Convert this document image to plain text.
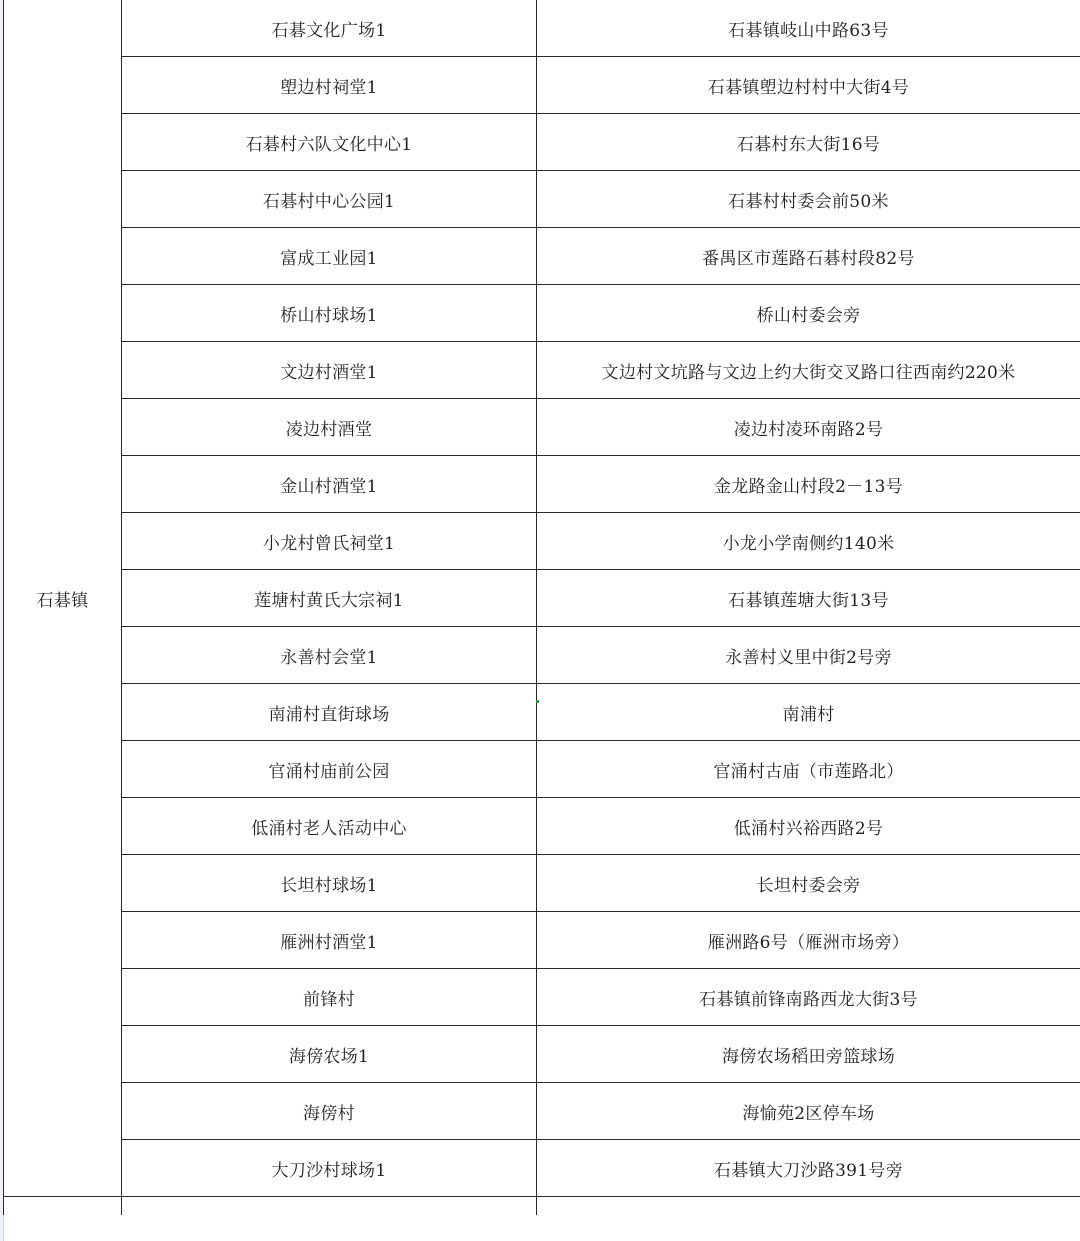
石碁镇	石碁文化广场1	石碁镇岐山中路63号
	塱边村祠堂1	石碁镇塱边村村中大街4号
	石碁村六队文化中心1	石碁村东大街16号
	石碁村中心公园1	石碁村村委会前50米
	富成工业园1	番禺区市莲路石碁村段82号
	桥山村球场1	桥山村委会旁
	文边村酒堂1	文边村文坑路与文边上约大街交叉路口往西南约220米
	凌边村酒堂	凌边村凌环南路2号
	金山村酒堂1	金龙路金山村段2－13号
	小龙村曾氏祠堂1	小龙小学南侧约140米
	莲塘村黄氏大宗祠1	石碁镇莲塘大街13号
	永善村会堂1	永善村义里中街2号旁
	南浦村直街球场	南浦村
	官涌村庙前公园	官涌村古庙（市莲路北）
	低涌村老人活动中心	低涌村兴裕西路2号
	长坦村球场1	长坦村委会旁
	雁洲村酒堂1	雁洲路6号（雁洲市场旁）
	前锋村	石碁镇前锋南路西龙大街3号
	海傍农场1	海傍农场稻田旁篮球场
	海傍村	海愉苑2区停车场
	大刀沙村球场1	石碁镇大刀沙路391号旁
